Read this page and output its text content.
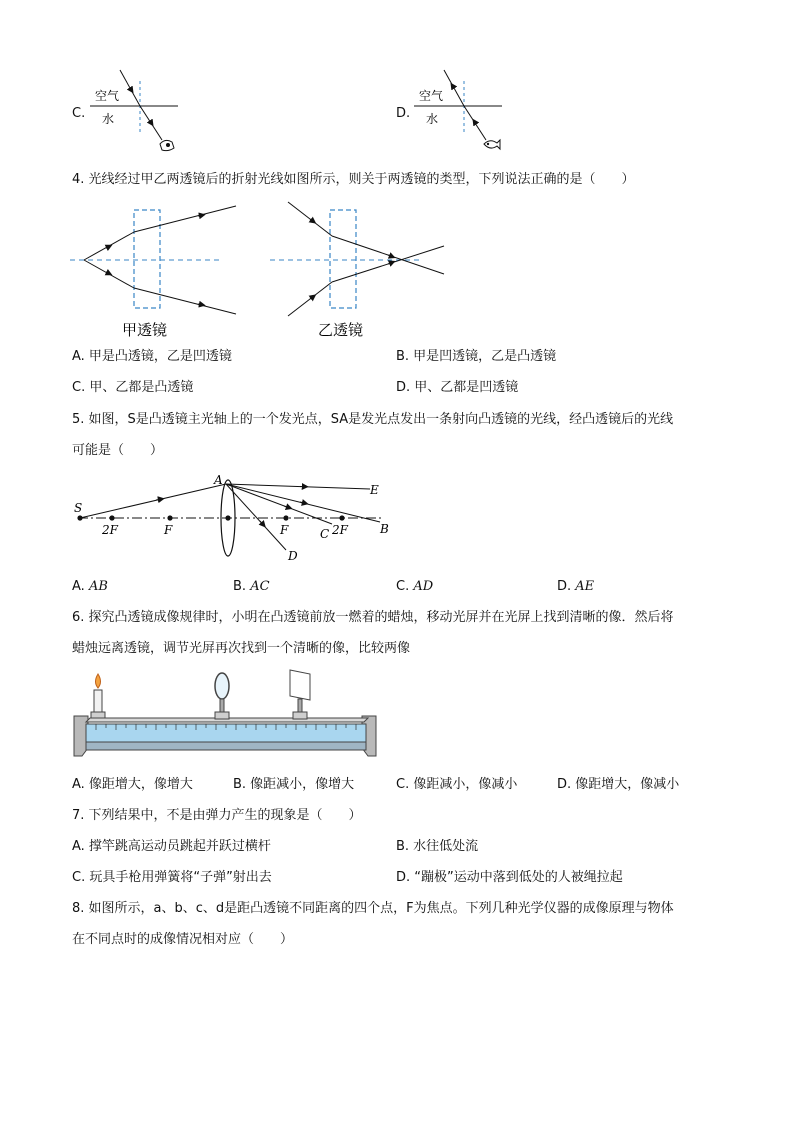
C.
空气
水	D.
空气
水
4. 光线经过甲乙两透镜后的折射光线如图所示，则关于两透镜的类型，下列说法正确的是（　　）
甲透镜	乙透镜
A. 甲是凸透镜，乙是凹透镜	B. 甲是凹透镜，乙是凸透镜
C. 甲、乙都是凸透镜	D. 甲、乙都是凹透镜
5. 如图，S是凸透镜主光轴上的一个发光点，SA是发光点发出一条射向凸透镜的光线，经凸透镜后的光线
可能是（　　）
S
A
E
B
C
D
2F	F	F	2F
A. AB	B. AC	C. AD	D. AE
6. 探究凸透镜成像规律时，小明在凸透镜前放一燃着的蜡烛，移动光屏并在光屏上找到清晰的像．然后将
蜡烛远离透镜，调节光屏再次找到一个清晰的像，比较两像
A. 像距增大，像增大	B. 像距减小，像增大	C. 像距减小，像减小	D. 像距增大，像减小
7. 下列结果中，不是由弹力产生的现象是（　　）
A. 撑竿跳高运动员跳起并跃过横杆	B. 水往低处流
C. 玩具手枪用弹簧将“子弹”射出去	D. “蹦极”运动中落到低处的人被绳拉起
8. 如图所示，a、b、c、d是距凸透镜不同距离的四个点，F为焦点。下列几种光学仪器的成像原理与物体
在不同点时的成像情况相对应（　　）
